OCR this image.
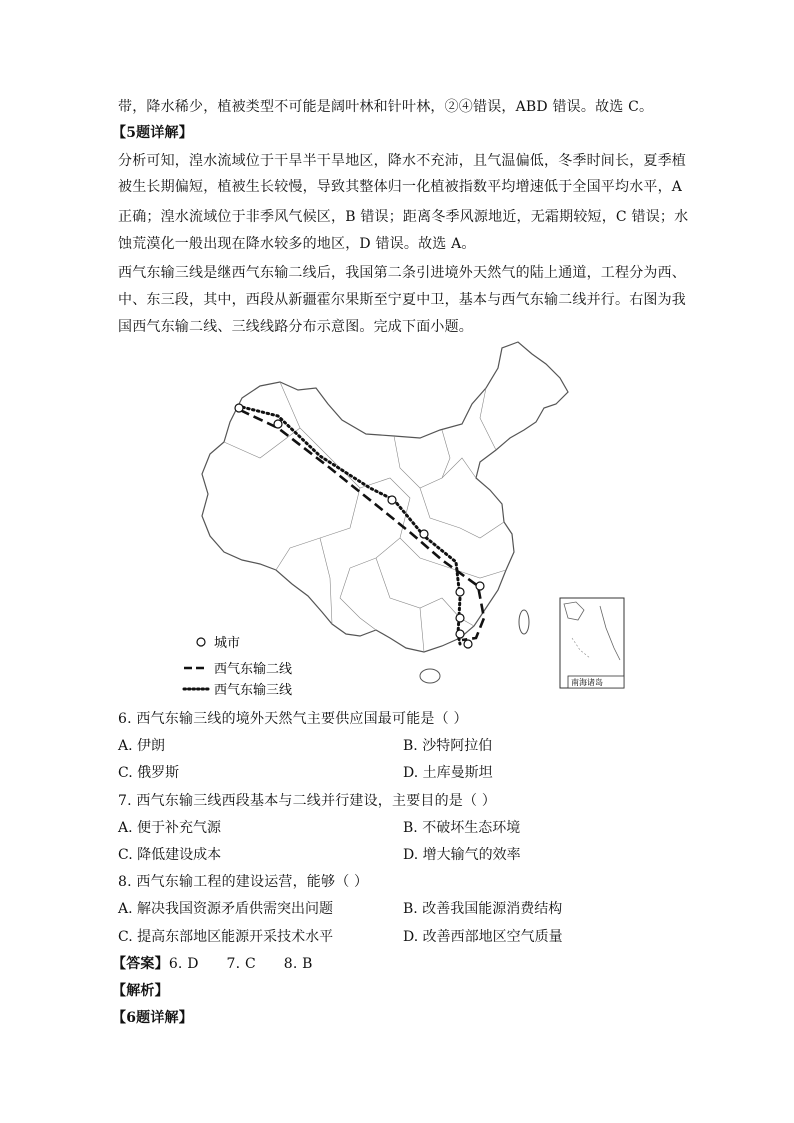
带，降水稀少，植被类型不可能是阔叶林和针叶林，②④错误，ABD 错误。故选 C。
【5题详解】
分析可知，湟水流域位于干旱半干旱地区，降水不充沛，且气温偏低，冬季时间长，夏季植
被生长期偏短，植被生长较慢，导致其整体归一化植被指数平均增速低于全国平均水平，A
正确；湟水流域位于非季风气候区，B 错误；距离冬季风源地近，无霜期较短，C 错误；水
蚀荒漠化一般出现在降水较多的地区，D 错误。故选 A。
西气东输三线是继西气东输二线后，我国第二条引进境外天然气的陆上通道，工程分为西、
中、东三段，其中，西段从新疆霍尔果斯至宁夏中卫，基本与西气东输二线并行。右图为我
国西气东输二线、三线线路分布示意图。完成下面小题。
城市
西气东输二线
西气东输三线
南海诸岛
6. 西气东输三线的境外天然气主要供应国最可能是（ ）
A. 伊朗	B. 沙特阿拉伯
C. 俄罗斯	D. 土库曼斯坦
7. 西气东输三线西段基本与二线并行建设，主要目的是（ ）
A. 便于补充气源	B. 不破坏生态环境
C. 降低建设成本	D. 增大输气的效率
8. 西气东输工程的建设运营，能够（ ）
A. 解决我国资源矛盾供需突出问题	B. 改善我国能源消费结构
C. 提高东部地区能源开采技术水平	D. 改善西部地区空气质量
【答案】6. D      7. C      8. B
【解析】
【6题详解】
